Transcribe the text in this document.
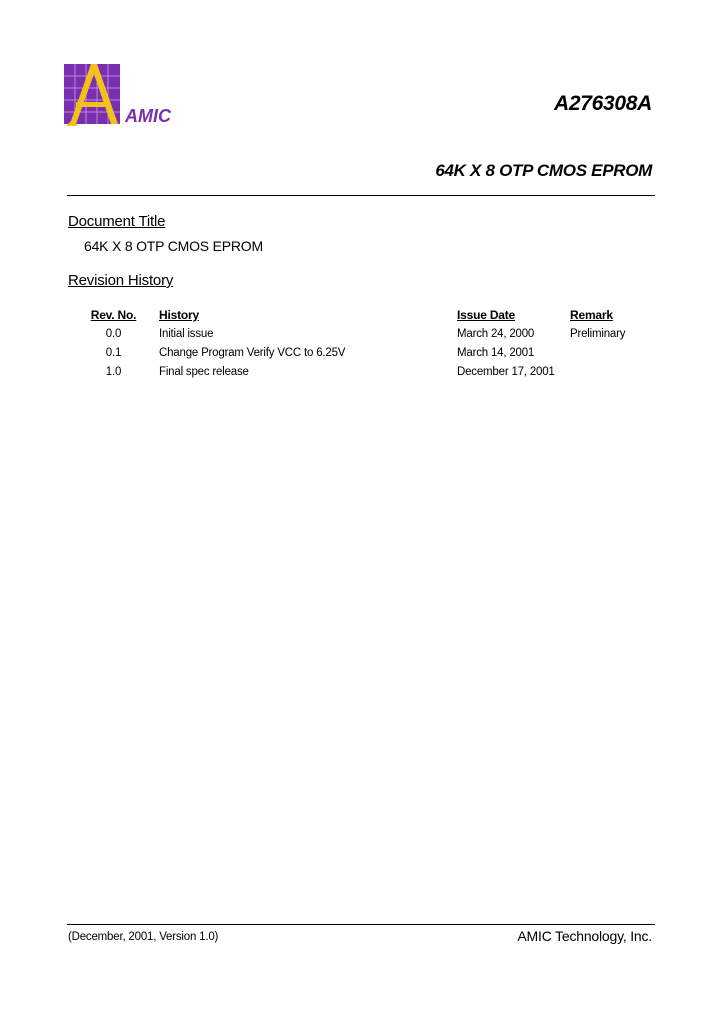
AMIC
A276308A
64K X 8 OTP CMOS EPROM
Document Title
64K X 8 OTP CMOS EPROM
Revision History
Rev. No.	History	Issue Date	Remark
0.0	Initial issue	March 24, 2000	Preliminary
0.1	Change Program Verify VCC to 6.25V	March 14, 2001	
1.0	Final spec release	December 17, 2001	
(December, 2001, Version 1.0)	AMIC Technology, Inc.
